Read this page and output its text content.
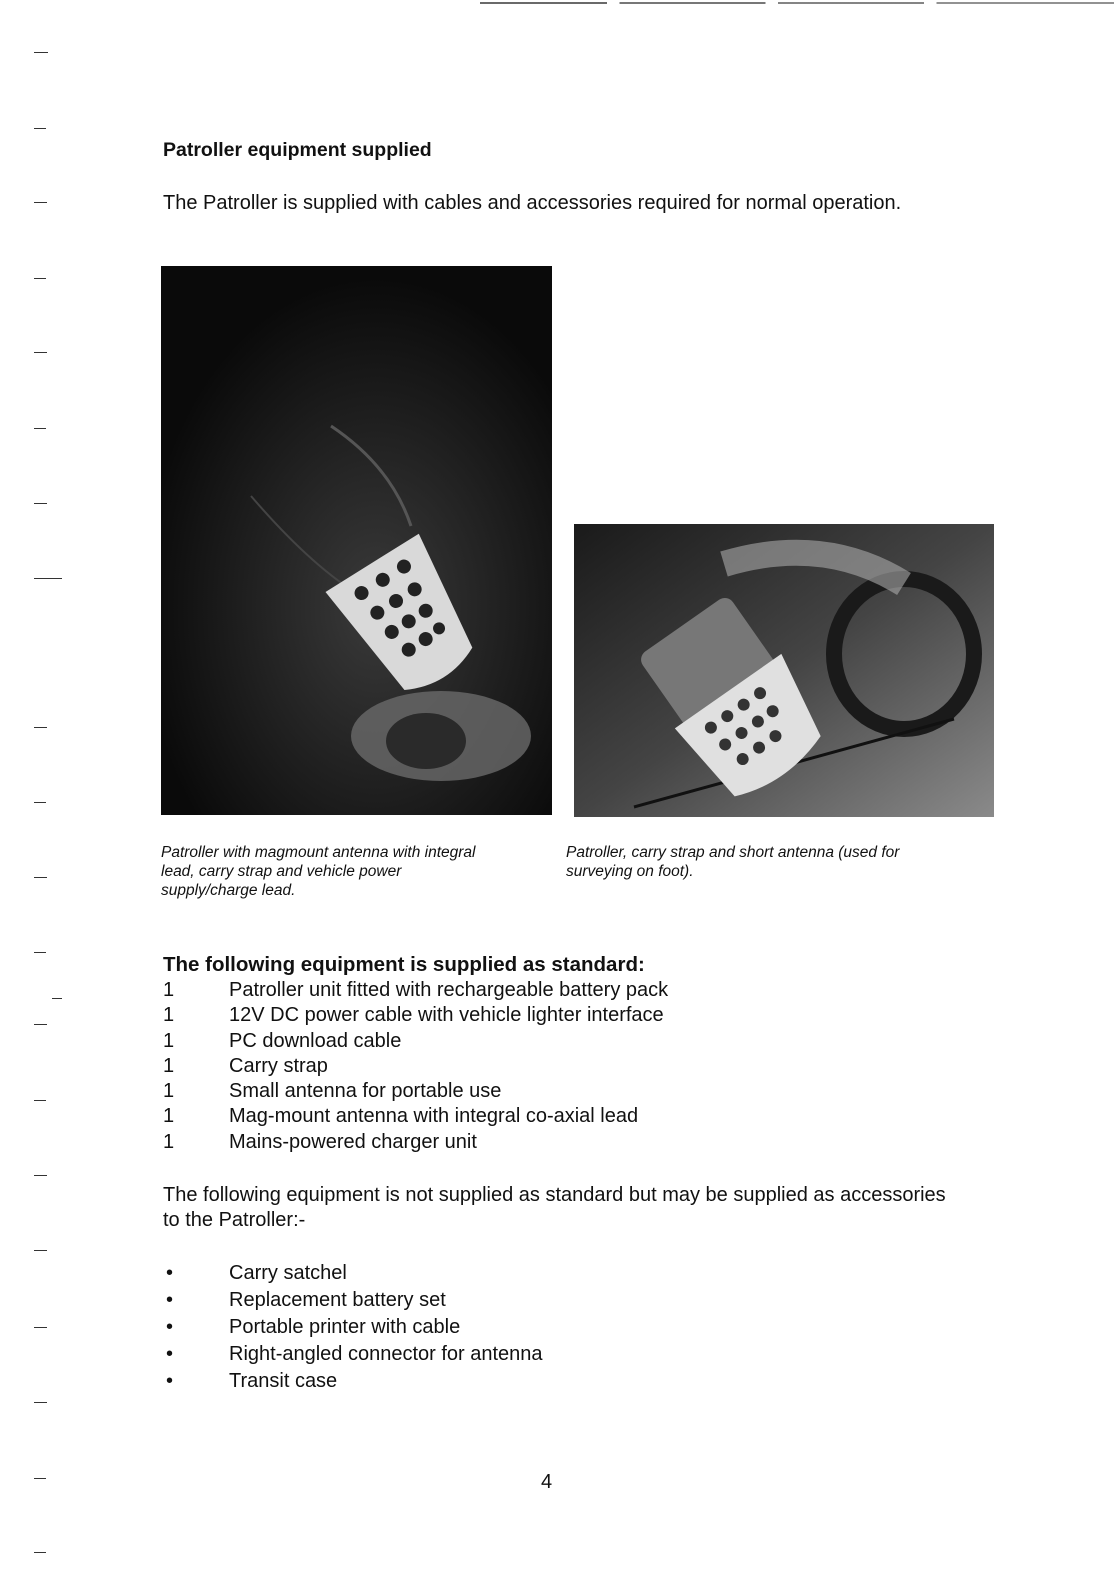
Patroller equipment supplied

The Patroller is supplied with cables and accessories required for normal operation.

Patroller with magmount antenna with integral lead, carry strap and vehicle power supply/charge lead.

Patroller, carry strap and short antenna (used for surveying on foot).

The following equipment is supplied as standard:
1	Patroller unit fitted with rechargeable battery pack
1	12V DC power cable with vehicle lighter interface
1	PC download cable
1	Carry strap
1	Small antenna for portable use
1	Mag-mount antenna with integral co-axial lead
1	Mains-powered charger unit

The following equipment is not supplied as standard but may be supplied as accessories to the Patroller:-

•	Carry satchel
•	Replacement battery set
•	Portable printer with cable
•	Right-angled connector for antenna
•	Transit case
4
